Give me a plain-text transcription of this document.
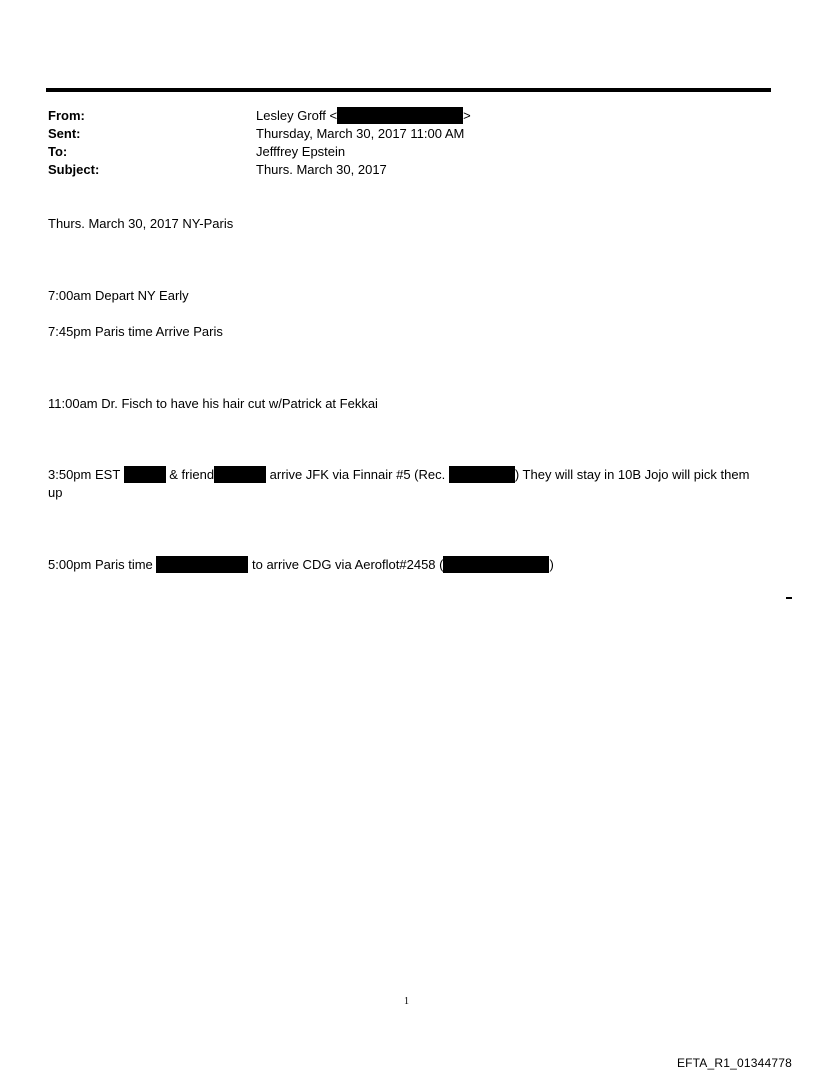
From:	Lesley Groff <	>
Sent:	Thursday, March 30, 2017 11:00 AM
To:	Jefffrey Epstein
Subject:	Thurs. March 30, 2017
Thurs. March 30, 2017 NY-Paris
7:00am Depart NY Early
7:45pm Paris time Arrive Paris
11:00am Dr. Fisch to have his hair cut w/Patrick at Fekkai
3:50pm EST	& friend	arrive JFK via Finnair #5 (Rec.	) They will stay in 10B Jojo will pick them
up
5:00pm Paris time	to arrive CDG via Aeroflot#2458 (	)
1
EFTA_R1_01344778
